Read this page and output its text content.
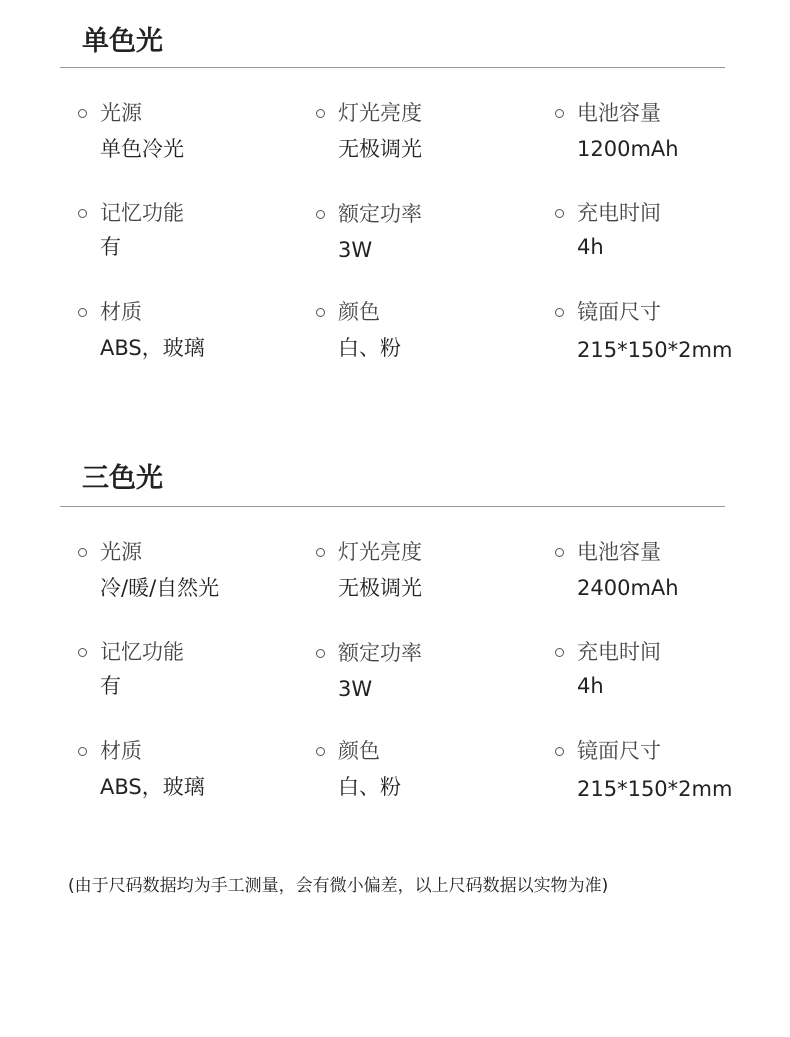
单色光
光源
单色冷光
灯光亮度
无极调光
电池容量
1200mAh
记忆功能
有
额定功率
3W
充电时间
4h
材质
ABS，玻璃
颜色
白、粉
镜面尺寸
215*150*2mm
三色光
光源
冷/暖/自然光
灯光亮度
无极调光
电池容量
2400mAh
记忆功能
有
额定功率
3W
充电时间
4h
材质
ABS，玻璃
颜色
白、粉
镜面尺寸
215*150*2mm
(由于尺码数据均为手工测量，会有微小偏差，以上尺码数据以实物为准)
